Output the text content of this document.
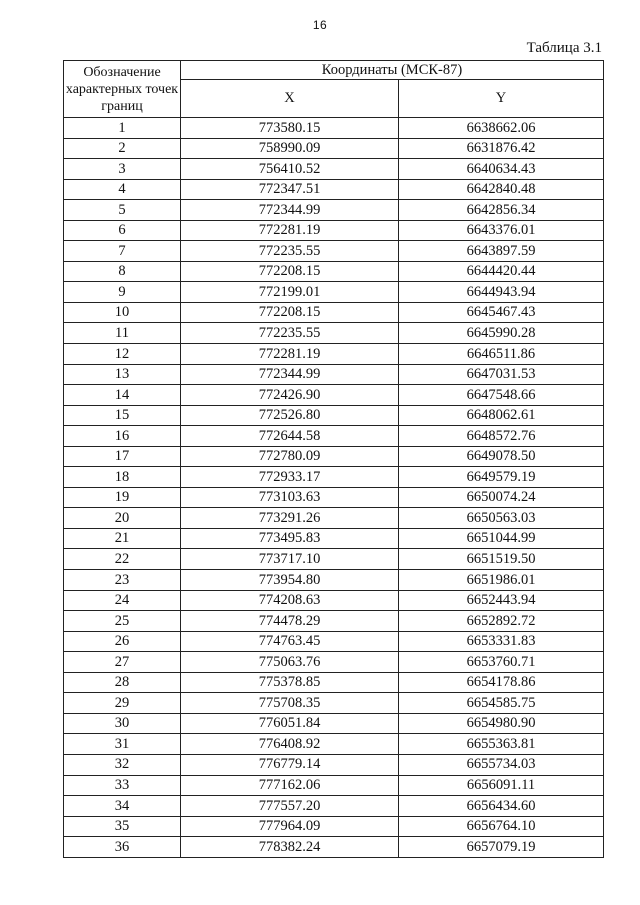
16
Таблица 3.1
Обозначение характерных точек границ	Координаты (МСК-87)	
	X	Y
1	773580.15	6638662.06
2	758990.09	6631876.42
3	756410.52	6640634.43
4	772347.51	6642840.48
5	772344.99	6642856.34
6	772281.19	6643376.01
7	772235.55	6643897.59
8	772208.15	6644420.44
9	772199.01	6644943.94
10	772208.15	6645467.43
11	772235.55	6645990.28
12	772281.19	6646511.86
13	772344.99	6647031.53
14	772426.90	6647548.66
15	772526.80	6648062.61
16	772644.58	6648572.76
17	772780.09	6649078.50
18	772933.17	6649579.19
19	773103.63	6650074.24
20	773291.26	6650563.03
21	773495.83	6651044.99
22	773717.10	6651519.50
23	773954.80	6651986.01
24	774208.63	6652443.94
25	774478.29	6652892.72
26	774763.45	6653331.83
27	775063.76	6653760.71
28	775378.85	6654178.86
29	775708.35	6654585.75
30	776051.84	6654980.90
31	776408.92	6655363.81
32	776779.14	6655734.03
33	777162.06	6656091.11
34	777557.20	6656434.60
35	777964.09	6656764.10
36	778382.24	6657079.19
